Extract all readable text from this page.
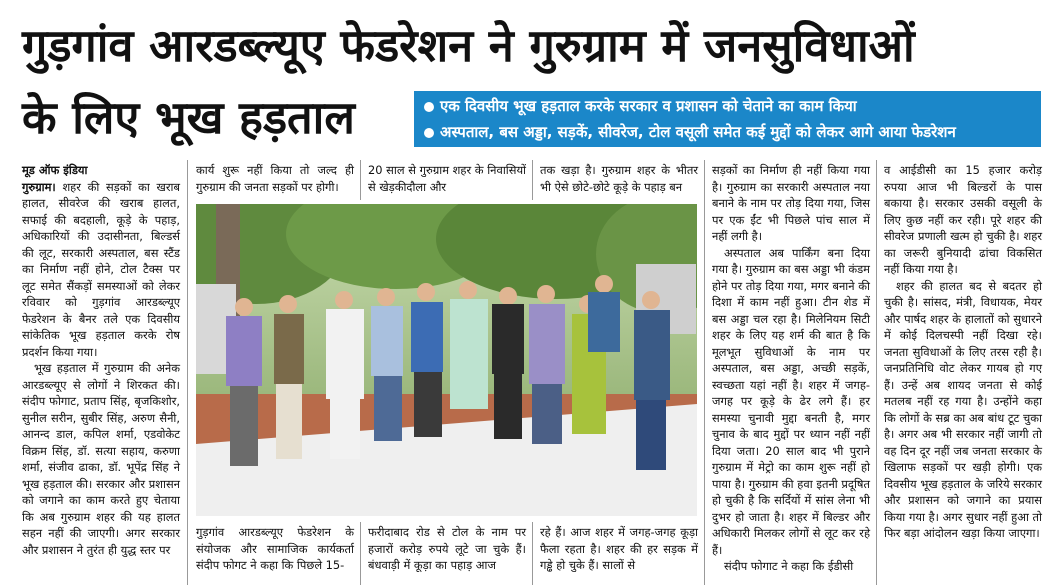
गुड़गांव आरडब्ल्यूए फेडरेशन ने गुरुग्राम में जनसुविधाओं
के लिए भूख हड़ताल	एक दिवसीय भूख हड़ताल करके सरकार व प्रशासन को चेताने का काम किया
अस्पताल, बस अड्डा, सड़कें, सीवरेज, टोल वसूली समेत कई मुद्दों को लेकर आगे आया फेडरेशन

मूड ऑफ इंडिया

गुरुग्राम। शहर की सड़कों का खराब हालत, सीवरेज की खराब हालत, सफाई की बदहाली, कूड़े के पहाड़, अधिकारियों की उदासीनता, बिल्डर्स की लूट, सरकारी अस्पताल, बस स्टैंड का निर्माण नहीं होने, टोल टैक्स पर लूट समेत सैंकड़ों समस्याओं को लेकर रविवार को गुड़गांव आरडब्ल्यूए फेडरेशन के बैनर तले एक दिवसीय सांकेतिक भूख हड़ताल करके रोष प्रदर्शन किया गया।

भूख हड़ताल में गुरुग्राम की अनेक आरडब्ल्यूए से लोगों ने शिरकत की। संदीप फोगाट, प्रताप सिंह, बृजकिशोर, सुनील सरीन, सुबीर सिंह, अरुण सैनी, आनन्द डाल, कपिल शर्मा, एडवोकेट विक्रम सिंह, डॉ. सत्या सहाय, करुणा शर्मा, संजीव ढाका, डॉ. भूपेंद्र सिंह ने भूख हड़ताल की। सरकार और प्रशासन को जगाने का काम करते हुए चेताया कि अब गुरुग्राम शहर की यह हालत सहन नहीं की जाएगी। अगर सरकार और प्रशासन ने तुरंत ही युद्ध स्तर पर

कार्य शुरू नहीं किया तो जल्द ही गुरुग्राम की जनता सड़कों पर होगी।
20 साल से गुरुग्राम शहर के निवासियों से खेड़कीदौला और
तक खड़ा है। गुरुग्राम शहर के भीतर भी ऐसे छोटे-छोटे कूड़े के पहाड़ बन
गुड़गांव आरडब्ल्यूए फेडरेशन के संयोजक और सामाजिक कार्यकर्ता संदीप फोगट ने कहा कि पिछले 15-
फरीदाबाद रोड से टोल के नाम पर हजारों करोड़ रुपये लूटे जा चुके हैं। बंधवाड़ी में कूड़ा का पहाड़ आज
रहे हैं। आज शहर में जगह-जगह कूड़ा फैला रहता है। शहर की हर सड़क में गड्ढे हो चुके हैं। सालों से

सड़कों का निर्माण ही नहीं किया गया है। गुरुग्राम का सरकारी अस्पताल नया बनाने के नाम पर तोड़ दिया गया, जिस पर एक ईंट भी पिछले पांच साल में नहीं लगी है।

अस्पताल अब पार्किंग बना दिया गया है। गुरुग्राम का बस अड्डा भी कंडम होने पर तोड़ दिया गया, मगर बनाने की दिशा में काम नहीं हुआ। टीन शेड में बस अड्डा चल रहा है। मिलेनियम सिटी शहर के लिए यह शर्म की बात है कि मूलभूत सुविधाओं के नाम पर अस्पताल, बस अड्डा, अच्छी सड़कें, स्वच्छता यहां नहीं है। शहर में जगह-जगह पर कूड़े के ढेर लगे हैं। हर समस्या चुनावी मुद्दा बनती है, मगर चुनाव के बाद मुद्दों पर ध्यान नहीं नहीं दिया जता। 20 साल बाद भी पुराने गुरुग्राम में मेट्रो का काम शुरू नहीं हो पाया है। गुरुग्राम की हवा इतनी प्रदूषित हो चुकी है कि सर्दियों में सांस लेना भी दुभर हो जाता है। शहर में बिल्डर और अधिकारी मिलकर लोगों से लूट कर रहे हैं।

संदीप फोगाट ने कहा कि ईडीसी

व आईडीसी का 15 हजार करोड़ रुपया आज भी बिल्डरों के पास बकाया है। सरकार उसकी वसूली के लिए कुछ नहीं कर रही। पूरे शहर की सीवरेज प्रणाली खत्म हो चुकी है। शहर का जरूरी बुनियादी ढांचा विकसित नहीं किया गया है।

शहर की हालत बद से बदतर हो चुकी है। सांसद, मंत्री, विधायक, मेयर और पार्षद शहर के हालातों को सुधारने में कोई दिलचस्पी नहीं दिखा रहे। जनता सुविधाओं के लिए तरस रही है। जनप्रतिनिधि वोट लेकर गायब हो गए हैं। उन्हें अब शायद जनता से कोई मतलब नहीं रह गया है। उन्होंने कहा कि लोगों के सब्र का अब बांध टूट चुका है। अगर अब भी सरकार नहीं जागी तो वह दिन दूर नहीं जब जनता सरकार के खिलाफ सड़कों पर खड़ी होगी। एक दिवसीय भूख हड़ताल के जरिये सरकार और प्रशासन को जगाने का प्रयास किया गया है। अगर सुधार नहीं हुआ तो फिर बड़ा आंदोलन खड़ा किया जाएगा।
